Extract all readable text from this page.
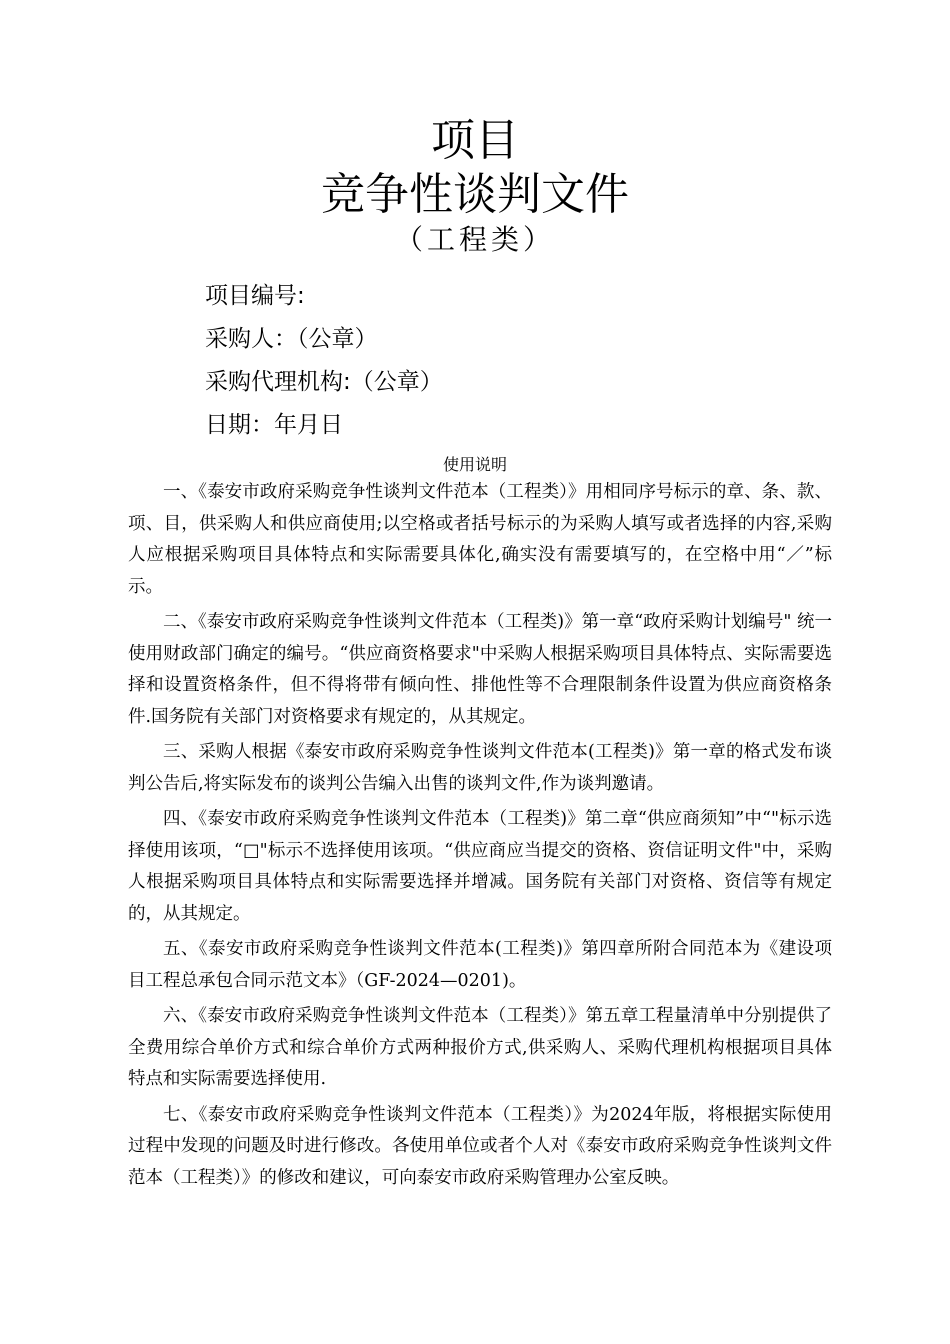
项目
竞争性谈判文件
（工程类）
项目编号:
采购人：（公章）
采购代理机构:（公章）
日期：年月日
使用说明

一、《泰安市政府采购竞争性谈判文件范本（工程类）》用相同序号标示的章、条、款、项、目，供采购人和供应商使用;以空格或者括号标示的为采购人填写或者选择的内容,采购人应根据采购项目具体特点和实际需要具体化,确实没有需要填写的，在空格中用“／”标示。

二、《泰安市政府采购竞争性谈判文件范本（工程类)》第一章“政府采购计划编号" 统一使用财政部门确定的编号。“供应商资格要求"中采购人根据采购项目具体特点、实际需要选择和设置资格条件，但不得将带有倾向性、排他性等不合理限制条件设置为供应商资格条件.国务院有关部门对资格要求有规定的，从其规定。

三、采购人根据《泰安市政府采购竞争性谈判文件范本(工程类)》第一章的格式发布谈判公告后,将实际发布的谈判公告编入出售的谈判文件,作为谈判邀请。

四、《泰安市政府采购竞争性谈判文件范本（工程类)》第二章“供应商须知”中“"标示选择使用该项，“□"标示不选择使用该项。“供应商应当提交的资格、资信证明文件"中，采购人根据采购项目具体特点和实际需要选择并增减。国务院有关部门对资格、资信等有规定的，从其规定。

五、《泰安市政府采购竞争性谈判文件范本(工程类)》第四章所附合同范本为《建设项目工程总承包合同示范文本》（GF-2024—0201)。

六、《泰安市政府采购竞争性谈判文件范本（工程类）》第五章工程量清单中分别提供了全费用综合单价方式和综合单价方式两种报价方式,供采购人、采购代理机构根据项目具体特点和实际需要选择使用.

七、《泰安市政府采购竞争性谈判文件范本（工程类）》为2024年版，将根据实际使用过程中发现的问题及时进行修改。各使用单位或者个人对《泰安市政府采购竞争性谈判文件范本（工程类）》的修改和建议，可向泰安市政府采购管理办公室反映。
